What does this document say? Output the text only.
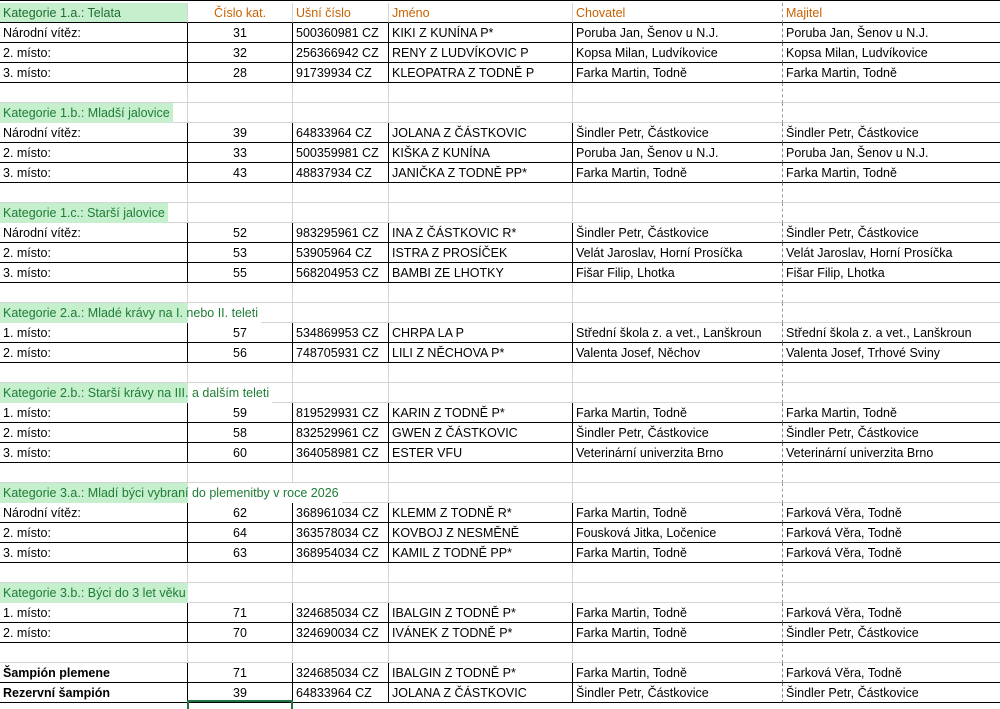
Kategorie 1.a.: Telata	Číslo kat.	Ušní číslo	Jméno	Chovatel	Majitel
Národní vítěz:	31	500360981 CZ	KIKI Z KUNÍNA P*	Poruba Jan, Šenov u N.J.	Poruba Jan, Šenov u N.J.
2. místo:	32	256366942 CZ	RENY Z LUDVÍKOVIC P	Kopsa Milan, Ludvíkovice	Kopsa Milan, Ludvíkovice
3. místo:	28	91739934 CZ	KLEOPATRA Z TODNĚ P	Farka Martin, Todně	Farka Martin, Todně
Kategorie 1.b.: Mladší jalovice
Národní vítěz:	39	64833964 CZ	JOLANA Z ČÁSTKOVIC	Šindler Petr, Částkovice	Šindler Petr, Částkovice
2. místo:	33	500359981 CZ	KIŠKA Z KUNÍNA	Poruba Jan, Šenov u N.J.	Poruba Jan, Šenov u N.J.
3. místo:	43	48837934 CZ	JANIČKA Z TODNĚ PP*	Farka Martin, Todně	Farka Martin, Todně
Kategorie 1.c.: Starší jalovice
Národní vítěz:	52	983295961 CZ	INA Z ČÁSTKOVIC R*	Šindler Petr, Částkovice	Šindler Petr, Částkovice
2. místo:	53	53905964 CZ	ISTRA Z PROSÍČEK	Velát Jaroslav, Horní Prosíčka	Velát Jaroslav, Horní Prosíčka
3. místo:	55	568204953 CZ	BAMBI ZE LHOTKY	Fišar Filip, Lhotka	Fišar Filip, Lhotka
Kategorie 2.a.: Mladé krávy na I. nebo II. teleti
1. místo:	57	534869953 CZ	CHRPA LA P	Střední škola z. a vet., Lanškroun	Střední škola z. a vet., Lanškroun
2. místo:	56	748705931 CZ	LILI Z NĚCHOVA P*	Valenta Josef, Něchov	Valenta Josef, Trhové Sviny
Kategorie 2.b.: Starší krávy na III. a dalším teleti
1. místo:	59	819529931 CZ	KARIN Z TODNĚ P*	Farka Martin, Todně	Farka Martin, Todně
2. místo:	58	832529961 CZ	GWEN Z ČÁSTKOVIC	Šindler Petr, Částkovice	Šindler Petr, Částkovice
3. místo:	60	364058981 CZ	ESTER VFU	Veterinární univerzita Brno	Veterinární univerzita Brno
Kategorie 3.a.: Mladí býci vybraní do plemenitby v roce 2026
Národní vítěz:	62	368961034 CZ	KLEMM Z TODNĚ R*	Farka Martin, Todně	Farková Věra, Todně
2. místo:	64	363578034 CZ	KOVBOJ Z NESMĚNĚ	Fousková Jitka, Ločenice	Farková Věra, Todně
3. místo:	63	368954034 CZ	KAMIL Z TODNĚ PP*	Farka Martin, Todně	Farková Věra, Todně
Kategorie 3.b.: Býci do 3 let věku
1. místo:	71	324685034 CZ	IBALGIN Z TODNĚ P*	Farka Martin, Todně	Farková Věra, Todně
2. místo:	70	324690034 CZ	IVÁNEK Z TODNĚ P*	Farka Martin, Todně	Šindler Petr, Částkovice
Šampión plemene	71	324685034 CZ	IBALGIN Z TODNĚ P*	Farka Martin, Todně	Farková Věra, Todně
Rezervní šampión	39	64833964 CZ	JOLANA Z ČÁSTKOVIC	Šindler Petr, Částkovice	Šindler Petr, Částkovice
